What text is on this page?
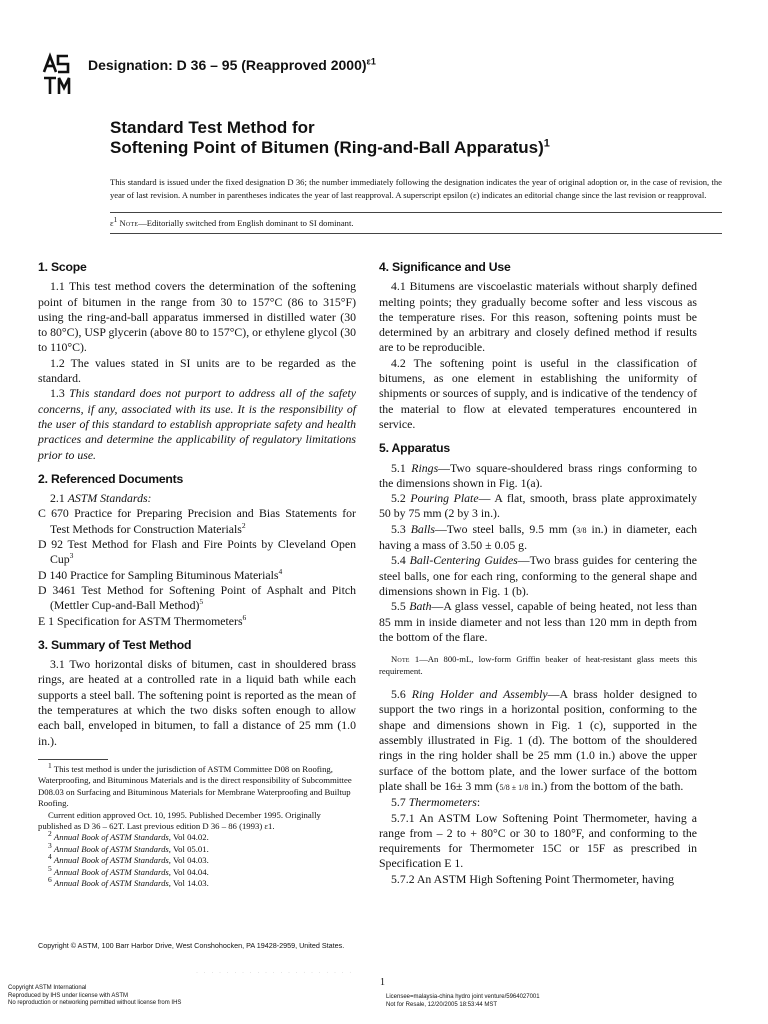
Designation: D 36 – 95 (Reapproved 2000)$^{\varepsilon 1}$
Standard Test Method for
Softening Point of Bitumen (Ring-and-Ball Apparatus)$^1$
This standard is issued under the fixed designation D 36; the number immediately following the designation indicates the year of original adoption or, in the case of revision, the year of last revision. A number in parentheses indicates the year of last reapproval. A superscript epsilon (ε) indicates an editorial change since the last revision or reapproval.
$\varepsilon^1$ Note—Editorially switched from English dominant to SI dominant.
1. Scope

1.1 This test method covers the determination of the softening point of bitumen in the range from 30 to 157°C (86 to 315°F) using the ring-and-ball apparatus immersed in distilled water (30 to 80°C), USP glycerin (above 80 to 157°C), or ethylene glycol (30 to 110°C).

1.2 The values stated in SI units are to be regarded as the standard.

1.3 This standard does not purport to address all of the safety concerns, if any, associated with its use. It is the responsibility of the user of this standard to establish appropriate safety and health practices and determine the applicability of regulatory limitations prior to use.

2. Referenced Documents

2.1 ASTM Standards:

C 670 Practice for Preparing Precision and Bias Statements for Test Methods for Construction Materials$^2$

D 92 Test Method for Flash and Fire Points by Cleveland Open Cup$^3$

D 140 Practice for Sampling Bituminous Materials$^4$

D 3461 Test Method for Softening Point of Asphalt and Pitch (Mettler Cup-and-Ball Method)$^5$

E 1 Specification for ASTM Thermometers$^6$

3. Summary of Test Method

3.1 Two horizontal disks of bitumen, cast in shouldered brass rings, are heated at a controlled rate in a liquid bath while each supports a steel ball. The softening point is reported as the mean of the temperatures at which the two disks soften enough to allow each ball, enveloped in bitumen, to fall a distance of 25 mm (1.0 in.).

$^1$ This test method is under the jurisdiction of ASTM Committee D08 on Roofing, Waterproofing, and Bituminous Materials and is the direct responsibility of Subcommittee D08.03 on Surfacing and Bituminous Materials for Membrane Waterproofing and Builtup Roofing.

Current edition approved Oct. 10, 1995. Published December 1995. Originally published as D 36 – 62T. Last previous edition D 36 – 86 (1993) ε1.

$^2$ Annual Book of ASTM Standards, Vol 04.02.

$^3$ Annual Book of ASTM Standards, Vol 05.01.

$^4$ Annual Book of ASTM Standards, Vol 04.03.

$^5$ Annual Book of ASTM Standards, Vol 04.04.

$^6$ Annual Book of ASTM Standards, Vol 14.03.

4. Significance and Use

4.1 Bitumens are viscoelastic materials without sharply defined melting points; they gradually become softer and less viscous as the temperature rises. For this reason, softening points must be determined by an arbitrary and closely defined method if results are to be reproducible.

4.2 The softening point is useful in the classification of bitumens, as one element in establishing the uniformity of shipments or sources of supply, and is indicative of the tendency of the material to flow at elevated temperatures encountered in service.

5. Apparatus

5.1 Rings—Two square-shouldered brass rings conforming to the dimensions shown in Fig. 1(a).

5.2 Pouring Plate— A flat, smooth, brass plate approximately 50 by 75 mm (2 by 3 in.).

5.3 Balls—Two steel balls, 9.5 mm (3/8 in.) in diameter, each having a mass of 3.50 ± 0.05 g.

5.4 Ball-Centering Guides—Two brass guides for centering the steel balls, one for each ring, conforming to the general shape and dimensions shown in Fig. 1 (b).

5.5 Bath—A glass vessel, capable of being heated, not less than 85 mm in inside diameter and not less than 120 mm in depth from the bottom of the flare.

Note 1—An 800-mL, low-form Griffin beaker of heat-resistant glass meets this requirement.

5.6 Ring Holder and Assembly—A brass holder designed to support the two rings in a horizontal position, conforming to the shape and dimensions shown in Fig. 1 (c), supported in the assembly illustrated in Fig. 1 (d). The bottom of the shouldered rings in the ring holder shall be 25 mm (1.0 in.) above the upper surface of the bottom plate, and the lower surface of the bottom plate shall be 16± 3 mm (5/8 ± 1/8 in.) from the bottom of the bath.

5.7 Thermometers:

5.7.1 An ASTM Low Softening Point Thermometer, having a range from – 2 to + 80°C or 30 to 180°F, and conforming to the requirements for Thermometer 15C or 15F as prescribed in Specification E 1.

5.7.2 An ASTM High Softening Point Thermometer, having

Copyright © ASTM, 100 Barr Harbor Drive, West Conshohocken, PA 19428-2959, United States.
· · · · · · · · · · · · · · · · · · · · ·
1
Copyright ASTM International
Reproduced by IHS under license with ASTM
No reproduction or networking permitted without license from IHS
Licensee=malaysia-china hydro joint venture/5964027001
Not for Resale, 12/20/2005 18:53:44 MST
